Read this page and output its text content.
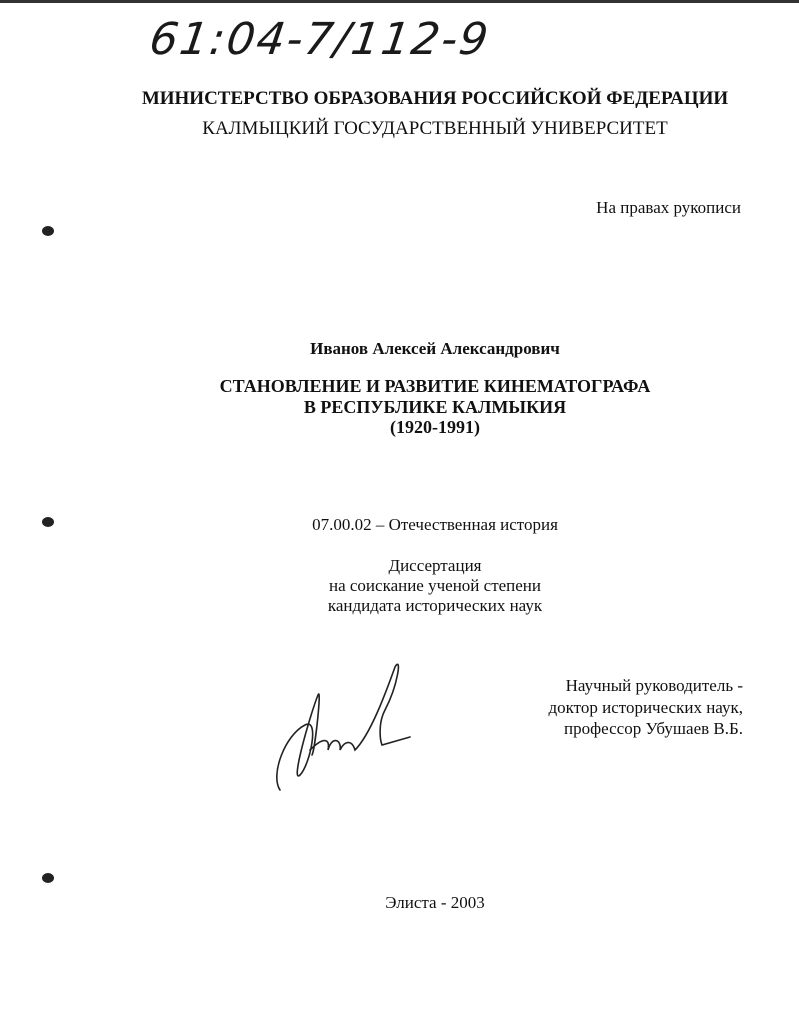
61:04-7/112-9
МИНИСТЕРСТВО ОБРАЗОВАНИЯ РОССИЙСКОЙ ФЕДЕРАЦИИ
КАЛМЫЦКИЙ ГОСУДАРСТВЕННЫЙ УНИВЕРСИТЕТ
На правах рукописи
Иванов Алексей Александрович
СТАНОВЛЕНИЕ И РАЗВИТИЕ КИНЕМАТОГРАФА
В РЕСПУБЛИКЕ КАЛМЫКИЯ
(1920-1991)
07.00.02 – Отечественная история
Диссертация
на соискание ученой степени
кандидата исторических наук
Научный руководитель -
доктор исторических наук,
профессор Убушаев В.Б.
Элиста - 2003
